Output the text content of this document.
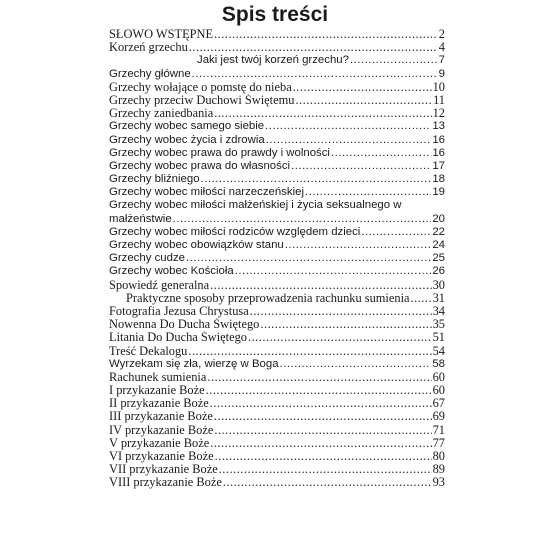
Spis treści
SŁOWO WSTĘPNE .....	2
Korzeń grzechu .....	4
Jaki jest twój korzeń grzechu? .....	7
Grzechy główne .....	9
Grzechy wołające o pomstę do nieba .....	10
Grzechy przeciw Duchowi Świętemu .....	11
Grzechy zaniedbania .....	12
Grzechy wobec samego siebie .....	13
Grzechy wobec życia i zdrowia .....	16
Grzechy wobec prawa do prawdy i wolności .....	16
Grzechy wobec prawa do własności .....	17
Grzechy bliźniego .....	18
Grzechy wobec miłości narzeczeńskiej .....	19
Grzechy wobec miłości małżeńskiej i życia seksualnego w
małżeństwie .....	20
Grzechy wobec miłości rodziców względem dzieci .....	22
Grzechy wobec obowiązków stanu .....	24
Grzechy cudze .....	25
Grzechy wobec Kościoła .....	26
Spowiedź generalna .....	30
Praktyczne sposoby przeprowadzenia rachunku sumienia ..... 31
Fotografia Jezusa Chrystusa .....	34
Nowenna Do Ducha Świętego .....	35
Litania Do Ducha Świętego .....	51
Treść Dekalogu .....	54
Wyrzekam się zła, wierzę w Boga .....	58
Rachunek sumienia .....	60
I przykazanie Boże .....	60
II przykazanie Boże .....	67
III przykazanie Boże .....	69
IV przykazanie Boże .....	71
V przykazanie Boże .....	77
VI przykazanie Boże .....	80
VII przykazanie Boże .....	89
VIII przykazanie Boże .....	93
